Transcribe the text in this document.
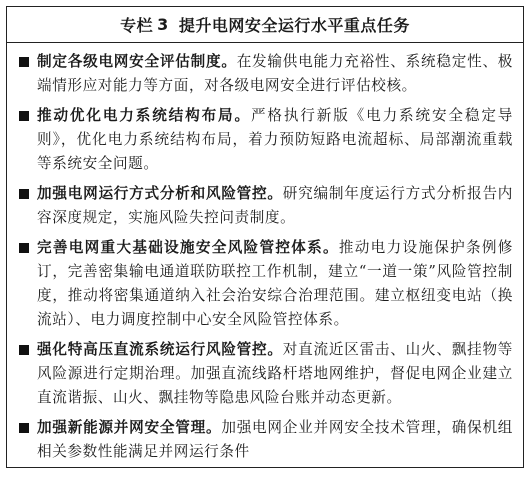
专栏 3 提升电网安全运行水平重点任务
制定各级电网安全评估制度。在发输供电能力充裕性、系统稳定性、极端情形应对能力等方面，对各级电网安全进行评估校核。
推动优化电力系统结构布局。严格执行新版《电力系统安全稳定导则》，优化电力系统结构布局，着力预防短路电流超标、局部潮流重载等系统安全问题。
加强电网运行方式分析和风险管控。研究编制年度运行方式分析报告内容深度规定，实施风险失控问责制度。
完善电网重大基础设施安全风险管控体系。推动电力设施保护条例修订，完善密集输电通道联防联控工作机制，建立“一道一策”风险管控制度，推动将密集通道纳入社会治安综合治理范围。建立枢纽变电站（换流站）、电力调度控制中心安全风险管控体系。
强化特高压直流系统运行风险管控。对直流近区雷击、山火、飘挂物等风险源进行定期治理。加强直流线路杆塔地网维护，督促电网企业建立直流谐振、山火、飘挂物等隐患风险台账并动态更新。
加强新能源并网安全管理。加强电网企业并网安全技术管理，确保机组相关参数性能满足并网运行条件
